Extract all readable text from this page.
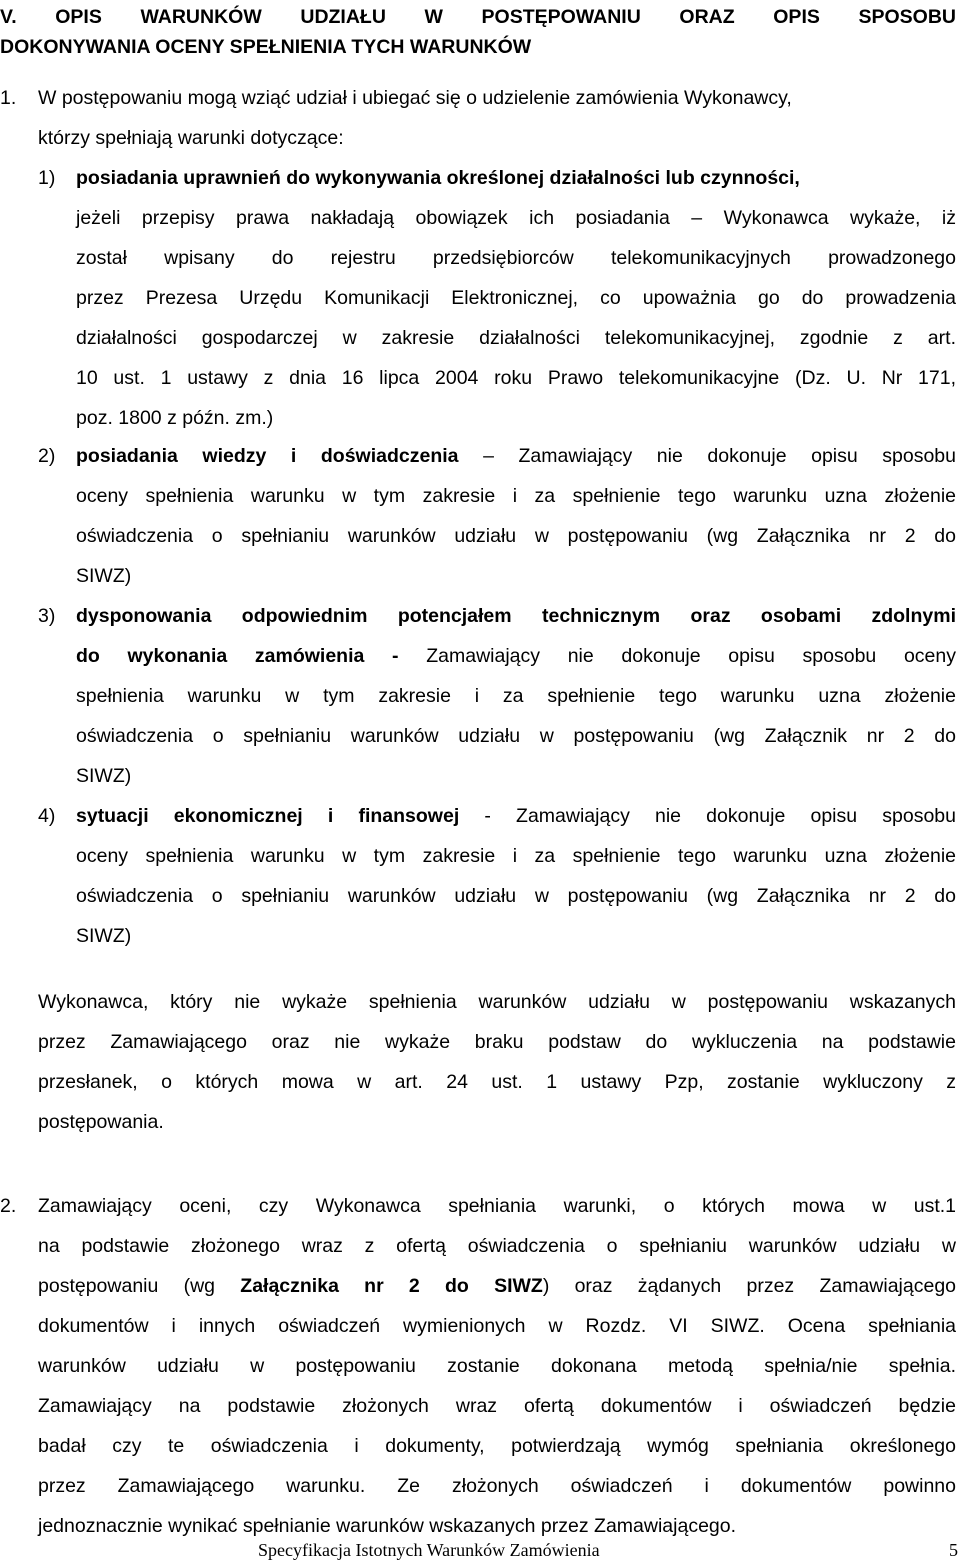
V. OPIS WARUNKÓW UDZIAŁU W POSTĘPOWANIU ORAZ OPIS SPOSOBU
DOKONYWANIA OCENY SPEŁNIENIA TYCH WARUNKÓW
1. W postępowaniu mogą wziąć udział i ubiegać się o udzielenie zamówienia Wykonawcy,
którzy spełniają warunki dotyczące:
1) posiadania uprawnień do wykonywania określonej działalności lub czynności,
jeżeli przepisy prawa nakładają obowiązek ich posiadania – Wykonawca wykaże, iż
został wpisany do rejestru przedsiębiorców telekomunikacyjnych prowadzonego
przez Prezesa Urzędu Komunikacji Elektronicznej, co upoważnia go do prowadzenia
działalności gospodarczej w zakresie działalności telekomunikacyjnej, zgodnie z art.
10 ust. 1 ustawy z dnia 16 lipca 2004 roku Prawo telekomunikacyjne (Dz. U. Nr 171,
poz. 1800 z późn. zm.)
2) posiadania wiedzy i doświadczenia – Zamawiający nie dokonuje opisu sposobu
oceny spełnienia warunku w tym zakresie i za spełnienie tego warunku uzna złożenie
oświadczenia o spełnianiu warunków udziału w postępowaniu (wg Załącznika nr 2 do
SIWZ)
3) dysponowania odpowiednim potencjałem technicznym oraz osobami zdolnymi
do wykonania zamówienia - Zamawiający nie dokonuje opisu sposobu oceny
spełnienia warunku w tym zakresie i za spełnienie tego warunku uzna złożenie
oświadczenia o spełnianiu warunków udziału w postępowaniu (wg Załącznik nr 2 do
SIWZ)
4) sytuacji ekonomicznej i finansowej - Zamawiający nie dokonuje opisu sposobu
oceny spełnienia warunku w tym zakresie i za spełnienie tego warunku uzna złożenie
oświadczenia o spełnianiu warunków udziału w postępowaniu (wg Załącznika nr 2 do
SIWZ)
Wykonawca, który nie wykaże spełnienia warunków udziału w postępowaniu wskazanych
przez Zamawiającego oraz nie wykaże braku podstaw do wykluczenia na podstawie
przesłanek, o których mowa w art. 24 ust. 1 ustawy Pzp, zostanie wykluczony z
postępowania.
2. Zamawiający oceni, czy Wykonawca spełniania warunki, o których mowa w ust.1
na podstawie złożonego wraz z ofertą oświadczenia o spełnianiu warunków udziału w
postępowaniu (wg Załącznika nr 2 do SIWZ) oraz żądanych przez Zamawiającego
dokumentów i innych oświadczeń wymienionych w Rozdz. VI SIWZ. Ocena spełniania
warunków udziału w postępowaniu zostanie dokonana metodą spełnia/nie spełnia.
Zamawiający na podstawie złożonych wraz ofertą dokumentów i oświadczeń będzie
badał czy te oświadczenia i dokumenty, potwierdzają wymóg spełniania określonego
przez Zamawiającego warunku. Ze złożonych oświadczeń i dokumentów powinno
jednoznacznie wynikać spełnianie warunków wskazanych przez Zamawiającego.
Specyfikacja Istotnych Warunków Zamówienia	5
